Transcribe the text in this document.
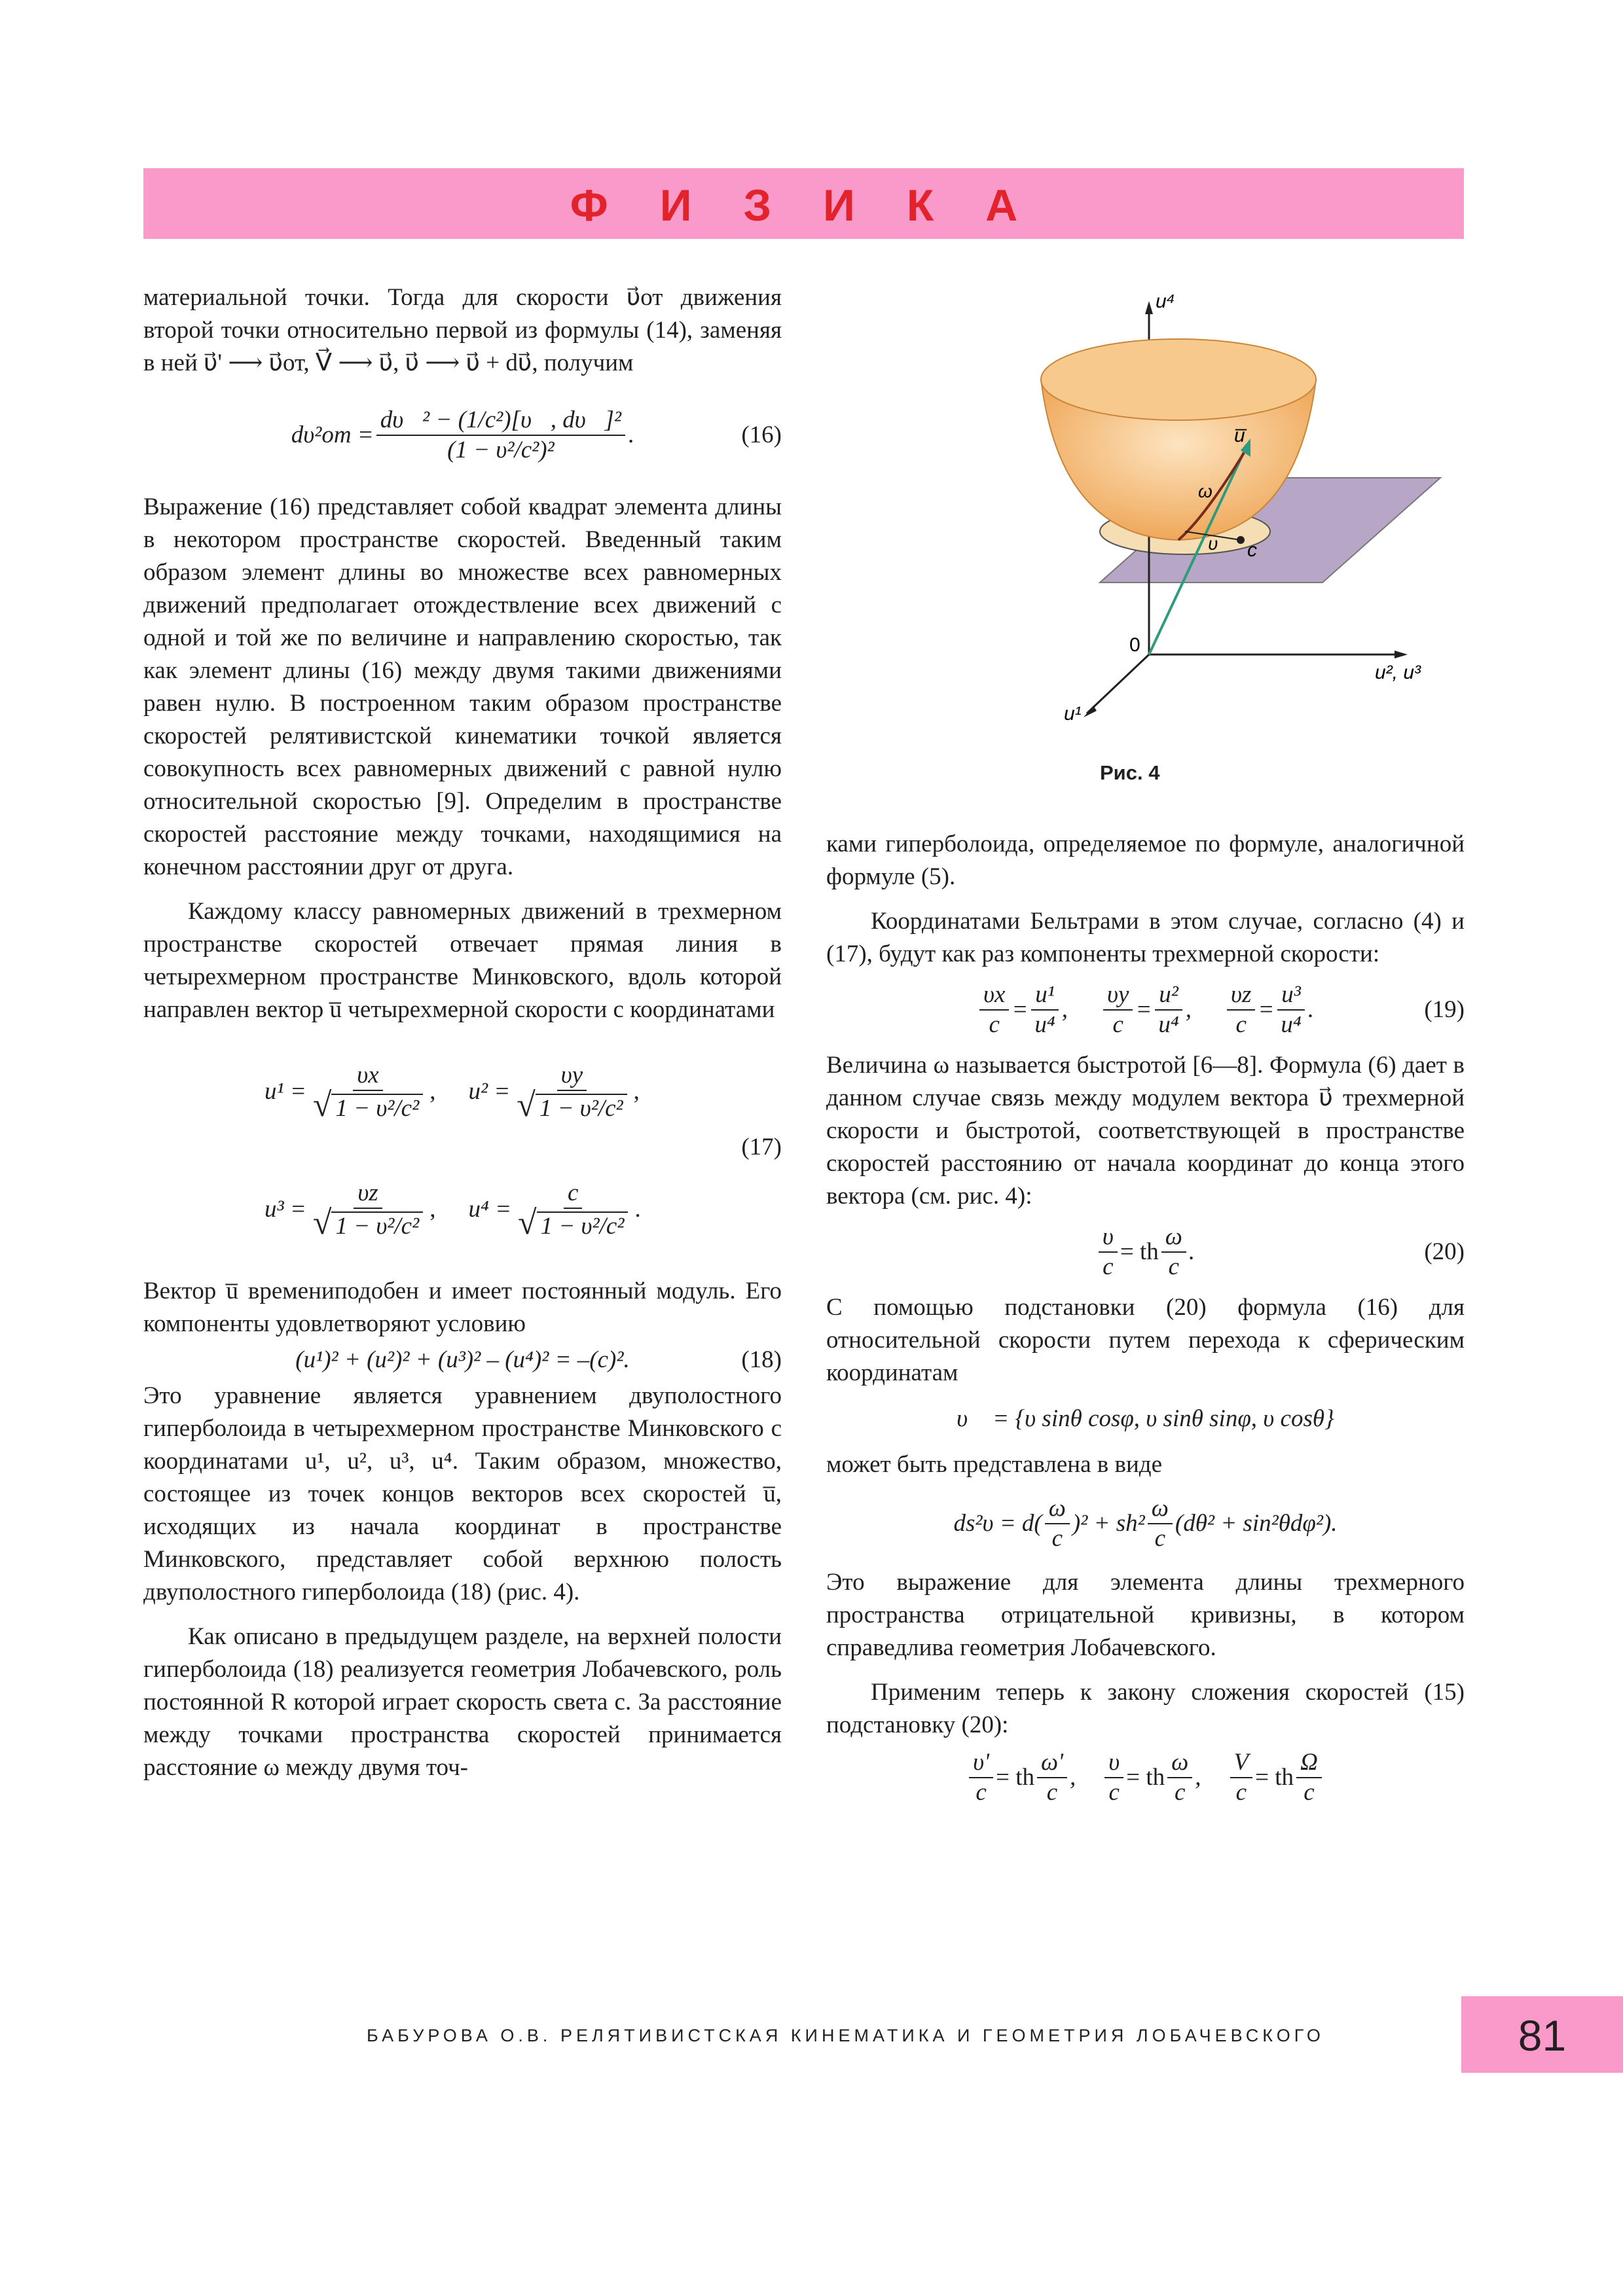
Ф И З И К А

материальной точки. Тогда для скорости υ⃗от движения второй точки относительно первой из формулы (14), заменяя в ней υ⃗' ⟶ υ⃗от, V⃗ ⟶ υ⃗, υ⃗ ⟶ υ⃗ + dυ⃗, получим

$d\upsilon^2от = \frac{\text{dυ⃗² − (1/c²)[υ⃗, dυ⃗]²}}{\text{(1 − υ²/c²)²}}$ .	(16)

Выражение (16) представляет собой квадрат элемента длины в некотором пространстве скоростей. Введенный таким образом элемент длины во множестве всех равномерных движений предполагает отождествление всех движений с одной и той же по величине и направлению скоростью, так как элемент длины (16) между двумя такими движениями равен нулю. В построенном таким образом пространстве скоростей релятивистской кинематики точкой является совокупность всех равномерных движений с равной нулю относительной скоростью [9]. Определим в пространстве скоростей расстояние между точками, находящимися на конечном расстоянии друг от друга.

Каждому классу равномерных движений в трехмерном пространстве скоростей отвечает прямая линия в четырехмерном пространстве Минковского, вдоль которой направлен вектор u̅ четырехмерной скорости с координатами

$u^1 = \frac{\upsilon x}{\text{√ 1 − υ²/c²}}$ , $u^2 = \frac{\upsilon y}{\text{√ 1 − υ²/c²}}$ ,
$u^3 = \frac{\upsilon z}{\text{√ 1 − υ²/c²}}$ , $u^4 = \frac{c}{\text{√ 1 − υ²/c²}}$ .
(17)

Вектор u̅ времениподобен и имеет постоянный модуль. Его компоненты удовлетворяют условию

(u¹)² + (u²)² + (u³)² – (u⁴)² = –(c)².	(18)

Это уравнение является уравнением двуполостного гиперболоида в четырехмерном пространстве Минковского с координатами u¹, u², u³, u⁴. Таким образом, множество, состоящее из точек концов векторов всех скоростей u̅, исходящих из начала координат в пространстве Минковского, представляет собой верхнюю полость двуполостного гиперболоида (18) (рис. 4).

Как описано в предыдущем разделе, на верхней полости гиперболоида (18) реализуется геометрия Лобачевского, роль постоянной R которой играет скорость света c. За расстояние между точками пространства скоростей принимается расстояние ω между двумя точ-

u⁴
u², u³
u¹
0
u̅
ω
υ c
Рис. 4

ками гиперболоида, определяемое по формуле, аналогичной формуле (5).

Координатами Бельтрами в этом случае, согласно (4) и (17), будут как раз компоненты трехмерной скорости:

$\frac{\upsilon x}{c} = \frac{\text{u¹}}{\text{u⁴}}$ , $\frac{\upsilon y}{c} = \frac{\text{u²}}{\text{u⁴}}$ , $\frac{\upsilon z}{c} = \frac{\text{u³}}{\text{u⁴}}$ .	(19)

Величина ω называется быстротой [6—8]. Формула (6) дает в данном случае связь между модулем вектора υ⃗ трехмерной скорости и быстротой, соответствующей в пространстве скоростей расстоянию от начала координат до конца этого вектора (см. рис. 4):

$\frac{\upsilon}{c}$ = th $\frac{\omega}{c}$ .	(20)

С помощью подстановки (20) формула (16) для относительной скорости путем перехода к сферическим координатам

υ⃗ = {υ sinθ cosφ, υ sinθ sinφ, υ cosθ}

может быть представлена в виде

ds²υ = d ( $\frac{\omega}{c}$ ) $^2 + sh^2 \frac{\omega}{c} (d\theta^2 + \sin^2\theta d\varphi^2)$.

Это выражение для элемента длины трехмерного пространства отрицательной кривизны, в котором справедлива геометрия Лобачевского.

Применим теперь к закону сложения скоростей (15) подстановку (20):

$\frac{\upsilon'}{c}$ = th $\frac{\omega'}{c}$ , $\frac{\upsilon}{c}$ = th $\frac{\omega}{c}$ , $\frac{V}{c}$ = th $\frac{\Omega}{c}$
БАБУРОВА О.В. РЕЛЯТИВИСТСКАЯ КИНЕМАТИКА И ГЕОМЕТРИЯ ЛОБАЧЕВСКОГО	81
